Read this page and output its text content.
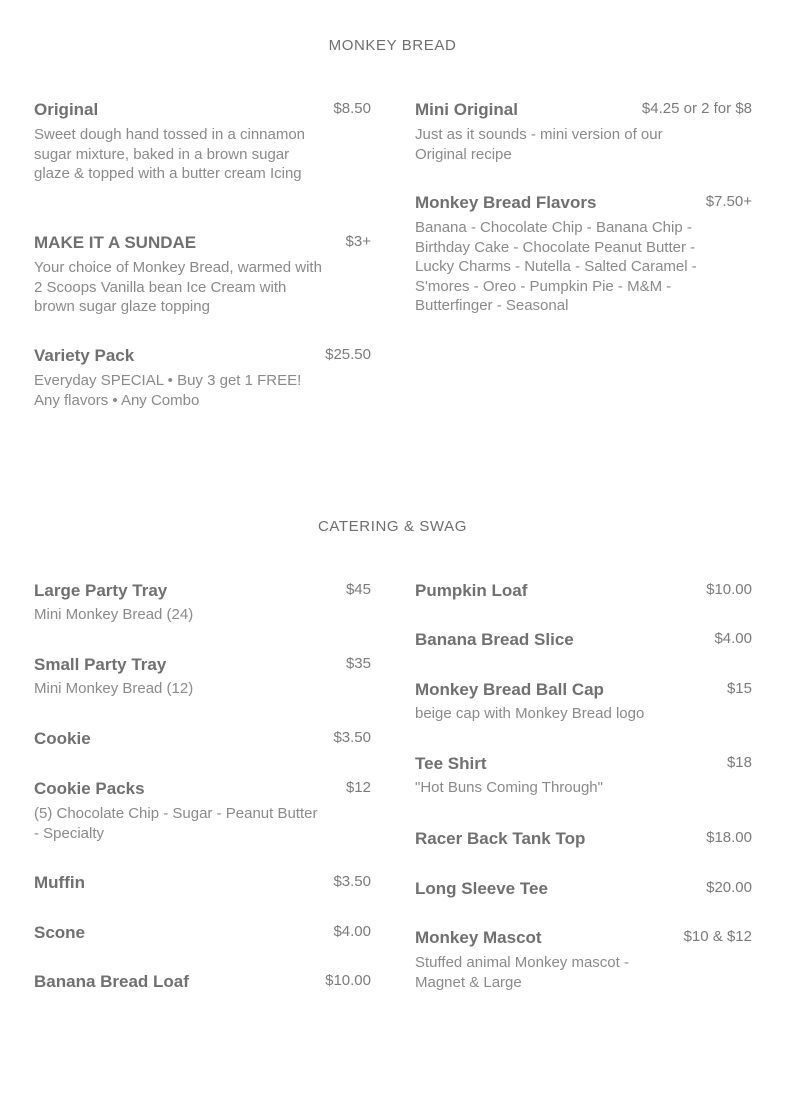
MONKEY BREAD
Original	$8.50
Sweet dough hand tossed in a cinnamon sugar mixture, baked in a brown sugar glaze & topped with a butter cream Icing
MAKE IT A SUNDAE	$3+
Your choice of Monkey Bread, warmed with 2 Scoops Vanilla bean Ice Cream with brown sugar glaze topping
Variety Pack	$25.50
Everyday SPECIAL • Buy 3 get 1 FREE! Any flavors • Any Combo
Mini Original	$4.25 or 2 for $8
Just as it sounds - mini version of our Original recipe
Monkey Bread Flavors	$7.50+
Banana - Chocolate Chip - Banana Chip - Birthday Cake - Chocolate Peanut Butter - Lucky Charms - Nutella - Salted Caramel - S'mores - Oreo - Pumpkin Pie - M&M - Butterfinger - Seasonal
CATERING & SWAG
Large Party Tray	$45
Mini Monkey Bread (24)
Small Party Tray	$35
Mini Monkey Bread (12)
Cookie	$3.50
Cookie Packs	$12
(5) Chocolate Chip - Sugar - Peanut Butter - Specialty
Muffin	$3.50
Scone	$4.00
Banana Bread Loaf	$10.00
Pumpkin Loaf	$10.00
Banana Bread Slice	$4.00
Monkey Bread Ball Cap	$15
beige cap with Monkey Bread logo
Tee Shirt	$18
"Hot Buns Coming Through"
Racer Back Tank Top	$18.00
Long Sleeve Tee	$20.00
Monkey Mascot	$10 & $12
Stuffed animal Monkey mascot - Magnet & Large
